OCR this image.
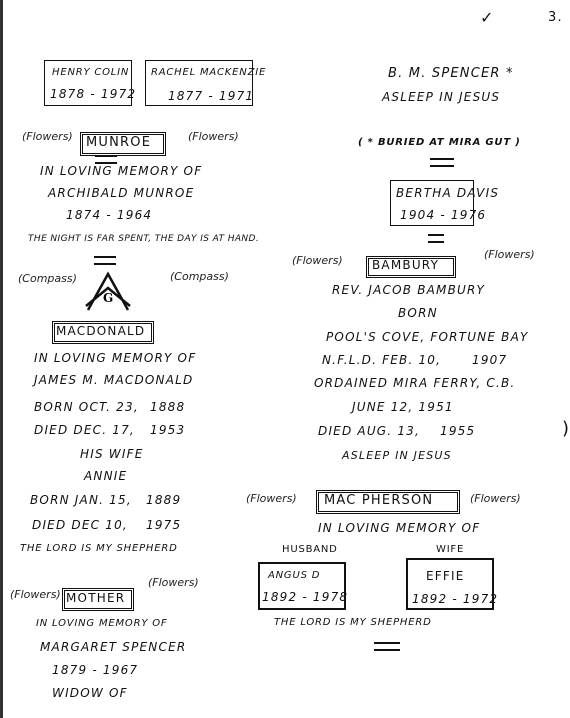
3.
✓
HENRY COLIN
1878 - 1972
RACHEL MACKENZIE
1877 - 1971
(Flowers) MUNROE	(Flowers)
IN LOVING MEMORY OF
ARCHIBALD MUNROE
1874 - 1964
THE NIGHT IS FAR SPENT, THE DAY IS AT HAND.
(Compass)
G
(Compass)
MACDONALD
IN LOVING MEMORY OF
JAMES M. MACDONALD
BORN OCT. 23, 1888
DIED DEC. 17, 1953
HIS WIFE
ANNIE
BORN JAN. 15, 1889
DIED DEC 10, 1975
THE LORD IS MY SHEPHERD
(Flowers) MOTHER
(Flowers)
IN LOVING MEMORY OF
MARGARET SPENCER
1879 - 1967
WIDOW OF
B. M. SPENCER *
ASLEEP IN JESUS
( * BURIED AT MIRA GUT )
BERTHA DAVIS
1904 - 1976
(Flowers) BAMBURY
(Flowers)
REV. JACOB BAMBURY
BORN
POOL'S COVE, FORTUNE BAY
N.F.L.D. FEB. 10,	1907
ORDAINED MIRA FERRY, C.B.
JUNE 12, 1951
DIED AUG. 13, 1955
ASLEEP IN JESUS
)
(Flowers) MAC PHERSON	(Flowers)
IN LOVING MEMORY OF
HUSBAND	WIFE
ANGUS D
1892 - 1978
EFFIE
1892 - 1972
THE LORD IS MY SHEPHERD
